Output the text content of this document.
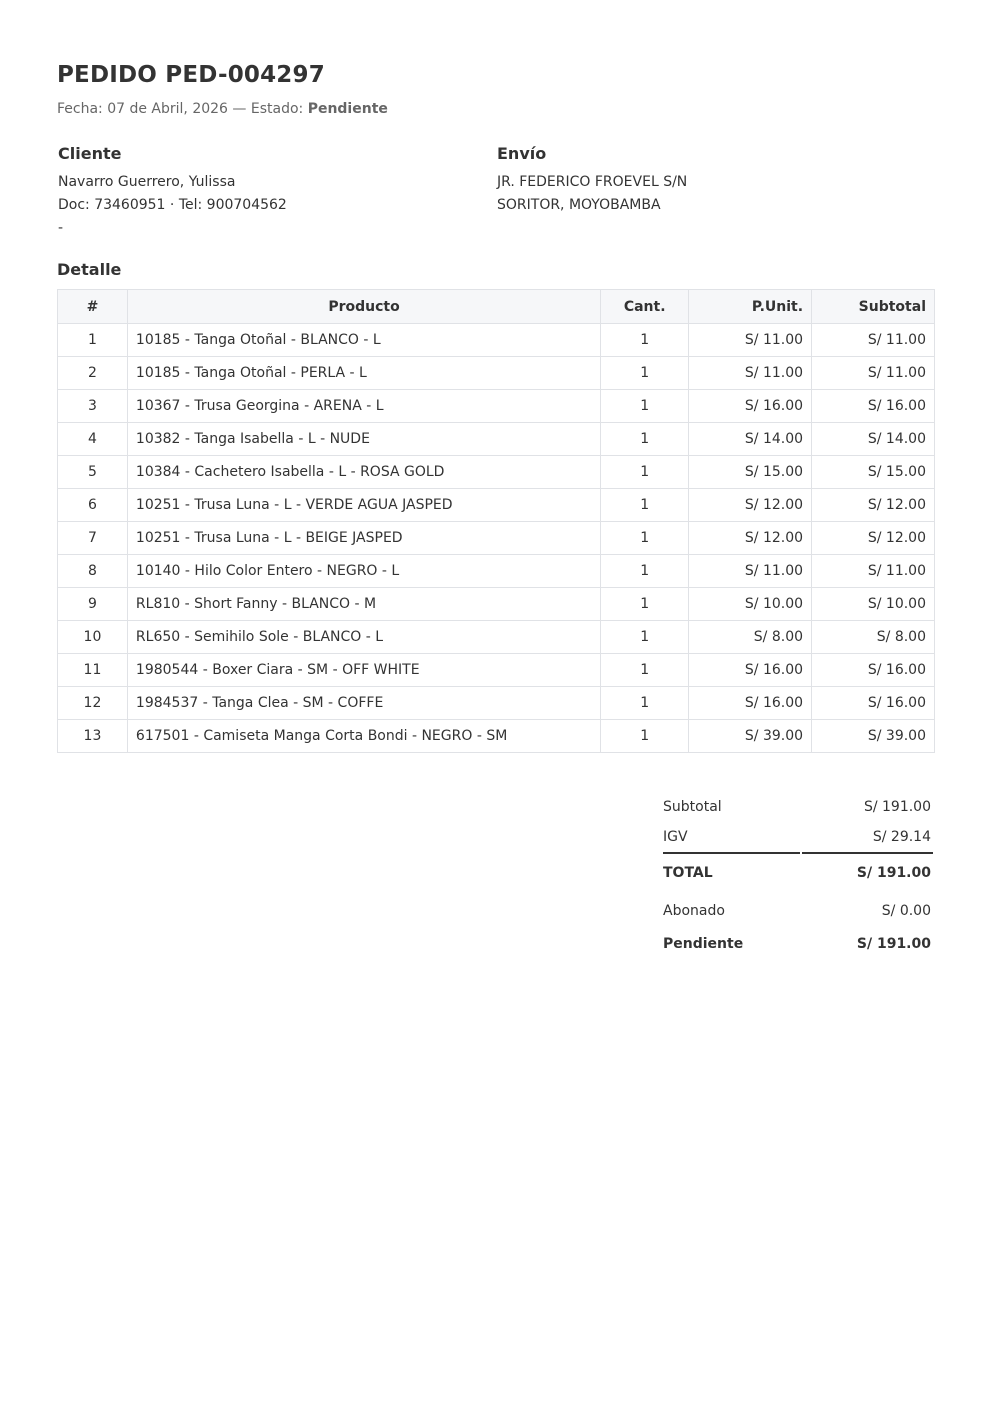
PEDIDO PED-004297
Fecha: 07 de Abril, 2026 — Estado: Pendiente
Cliente
Navarro Guerrero, Yulissa
Doc: 73460951 · Tel: 900704562
-
Envío
JR. FEDERICO FROEVEL S/N
SORITOR, MOYOBAMBA
Detalle
#	Producto	Cant.	P.Unit.	Subtotal
1	10185 - Tanga Otoñal - BLANCO - L	1	S/ 11.00	S/ 11.00
2	10185 - Tanga Otoñal - PERLA - L	1	S/ 11.00	S/ 11.00
3	10367 - Trusa Georgina - ARENA - L	1	S/ 16.00	S/ 16.00
4	10382 - Tanga Isabella - L - NUDE	1	S/ 14.00	S/ 14.00
5	10384 - Cachetero Isabella - L - ROSA GOLD	1	S/ 15.00	S/ 15.00
6	10251 - Trusa Luna - L - VERDE AGUA JASPED	1	S/ 12.00	S/ 12.00
7	10251 - Trusa Luna - L - BEIGE JASPED	1	S/ 12.00	S/ 12.00
8	10140 - Hilo Color Entero - NEGRO - L	1	S/ 11.00	S/ 11.00
9	RL810 - Short Fanny - BLANCO - M	1	S/ 10.00	S/ 10.00
10	RL650 - Semihilo Sole - BLANCO - L	1	S/ 8.00	S/ 8.00
11	1980544 - Boxer Ciara - SM - OFF WHITE	1	S/ 16.00	S/ 16.00
12	1984537 - Tanga Clea - SM - COFFE	1	S/ 16.00	S/ 16.00
13	617501 - Camiseta Manga Corta Bondi - NEGRO - SM	1	S/ 39.00	S/ 39.00
Subtotal	S/ 191.00
IGV	S/ 29.14
TOTAL	S/ 191.00
Abonado	S/ 0.00
Pendiente	S/ 191.00
